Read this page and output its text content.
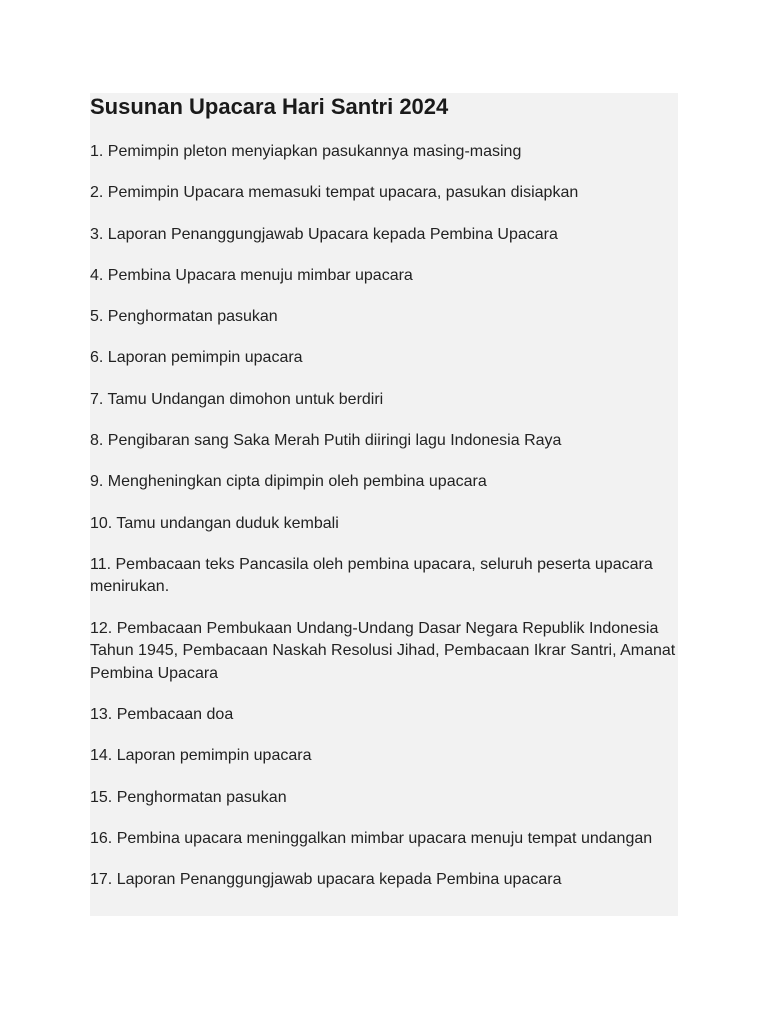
Susunan Upacara Hari Santri 2024
1. Pemimpin pleton menyiapkan pasukannya masing-masing
2. Pemimpin Upacara memasuki tempat upacara, pasukan disiapkan
3. Laporan Penanggungjawab Upacara kepada Pembina Upacara
4. Pembina Upacara menuju mimbar upacara
5. Penghormatan pasukan
6. Laporan pemimpin upacara
7. Tamu Undangan dimohon untuk berdiri
8. Pengibaran sang Saka Merah Putih diiringi lagu Indonesia Raya
9. Mengheningkan cipta dipimpin oleh pembina upacara
10. Tamu undangan duduk kembali
11. Pembacaan teks Pancasila oleh pembina upacara, seluruh peserta upacara menirukan.
12. Pembacaan Pembukaan Undang-Undang Dasar Negara Republik Indonesia Tahun 1945, Pembacaan Naskah Resolusi Jihad, Pembacaan Ikrar Santri, Amanat Pembina Upacara
13. Pembacaan doa
14. Laporan pemimpin upacara
15. Penghormatan pasukan
16. Pembina upacara meninggalkan mimbar upacara menuju tempat undangan
17. Laporan Penanggungjawab upacara kepada Pembina upacara
